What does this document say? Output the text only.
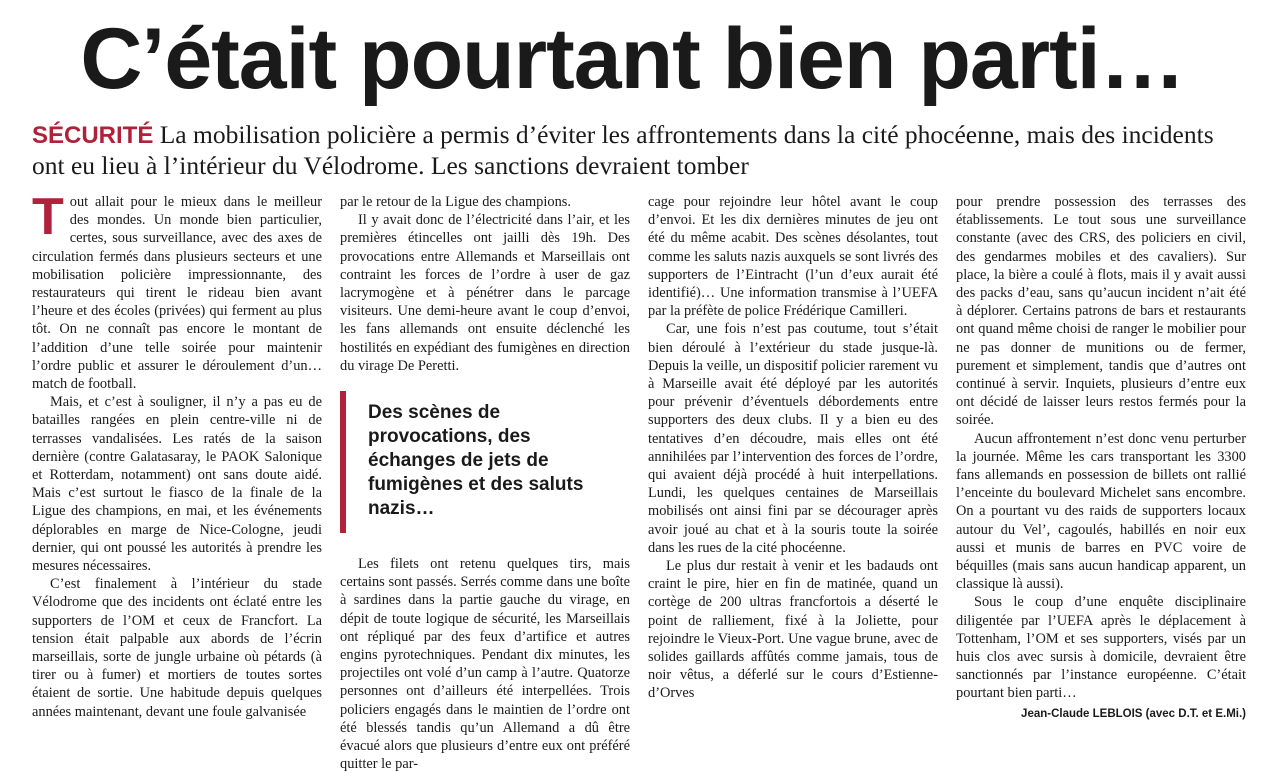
C’était pourtant bien parti…
SÉCURITÉ La mobilisation policière a permis d’éviter les affrontements dans la cité phocéenne, mais des incidents ont eu lieu à l’intérieur du Vélodrome. Les sanctions devraient tomber

Tout allait pour le mieux dans le meilleur des mondes. Un monde bien particulier, certes, sous surveillance, avec des axes de circulation fermés dans plusieurs secteurs et une mobilisation policière impressionnante, des restaurateurs qui tirent le rideau bien avant l’heure et des écoles (privées) qui ferment au plus tôt. On ne connaît pas encore le montant de l’addition d’une telle soirée pour maintenir l’ordre public et assurer le déroulement d’un… match de football.

Mais, et c’est à souligner, il n’y a pas eu de batailles rangées en plein centre-ville ni de terrasses vandalisées. Les ratés de la saison dernière (contre Galatasaray, le PAOK Salonique et Rotterdam, notamment) ont sans doute aidé. Mais c’est surtout le fiasco de la finale de la Ligue des champions, en mai, et les événements déplorables en marge de Nice-Cologne, jeudi dernier, qui ont poussé les autorités à prendre les mesures nécessaires.

C’est finalement à l’intérieur du stade Vélodrome que des incidents ont éclaté entre les supporters de l’OM et ceux de Francfort. La tension était palpable aux abords de l’écrin marseillais, sorte de jungle urbaine où pétards (à tirer ou à fumer) et mortiers de toutes sortes étaient de sortie. Une habitude depuis quelques années maintenant, devant une foule galvanisée

par le retour de la Ligue des champions.

Il y avait donc de l’électricité dans l’air, et les premières étincelles ont jailli dès 19h. Des provocations entre Allemands et Marseillais ont contraint les forces de l’ordre à user de gaz lacrymogène et à pénétrer dans le parcage visiteurs. Une demi-heure avant le coup d’envoi, les fans allemands ont ensuite déclenché les hostilités en expédiant des fumigènes en direction du virage De Peretti.

Des scènes de provocations, des échanges de jets de fumigènes et des saluts nazis…

Les filets ont retenu quelques tirs, mais certains sont passés. Serrés comme dans une boîte à sardines dans la partie gauche du virage, en dépit de toute logique de sécurité, les Marseillais ont répliqué par des feux d’artifice et autres engins pyrotechniques. Pendant dix minutes, les projectiles ont volé d’un camp à l’autre. Quatorze personnes ont d’ailleurs été interpellées. Trois policiers engagés dans le maintien de l’ordre ont été blessés tandis qu’un Allemand a dû être évacué alors que plusieurs d’entre eux ont préféré quitter le par-

cage pour rejoindre leur hôtel avant le coup d’envoi. Et les dix dernières minutes de jeu ont été du même acabit. Des scènes désolantes, tout comme les saluts nazis auxquels se sont livrés des supporters de l’Eintracht (l’un d’eux aurait été identifié)… Une information transmise à l’UEFA par la préfète de police Frédérique Camilleri.

Car, une fois n’est pas coutume, tout s’était bien déroulé à l’extérieur du stade jusque-là. Depuis la veille, un dispositif policier rarement vu à Marseille avait été déployé par les autorités pour prévenir d’éventuels débordements entre supporters des deux clubs. Il y a bien eu des tentatives d’en découdre, mais elles ont été annihilées par l’intervention des forces de l’ordre, qui avaient déjà procédé à huit interpellations. Lundi, les quelques centaines de Marseillais mobilisés ont ainsi fini par se décourager après avoir joué au chat et à la souris toute la soirée dans les rues de la cité phocéenne.

Le plus dur restait à venir et les badauds ont craint le pire, hier en fin de matinée, quand un cortège de 200 ultras francfortois a déserté le point de ralliement, fixé à la Joliette, pour rejoindre le Vieux-Port. Une vague brune, avec de solides gaillards affûtés comme jamais, tous de noir vêtus, a déferlé sur le cours d’Estienne-d’Orves

pour prendre possession des terrasses des établissements. Le tout sous une surveillance constante (avec des CRS, des policiers en civil, des gendarmes mobiles et des cavaliers). Sur place, la bière a coulé à flots, mais il y avait aussi des packs d’eau, sans qu’aucun incident n’ait été à déplorer. Certains patrons de bars et restaurants ont quand même choisi de ranger le mobilier pour ne pas donner de munitions ou de fermer, purement et simplement, tandis que d’autres ont continué à servir. Inquiets, plusieurs d’entre eux ont décidé de laisser leurs restos fermés pour la soirée.

Aucun affrontement n’est donc venu perturber la journée. Même les cars transportant les 3300 fans allemands en possession de billets ont rallié l’enceinte du boulevard Michelet sans encombre. On a pourtant vu des raids de supporters locaux autour du Vel’, cagoulés, habillés en noir eux aussi et munis de barres en PVC voire de béquilles (mais sans aucun handicap apparent, un classique là aussi).

Sous le coup d’une enquête disciplinaire diligentée par l’UEFA après le déplacement à Tottenham, l’OM et ses supporters, visés par un huis clos avec sursis à domicile, devraient être sanctionnés par l’instance européenne. C’était pourtant bien parti…

Jean-Claude LEBLOIS (avec D.T. et E.Mi.)
